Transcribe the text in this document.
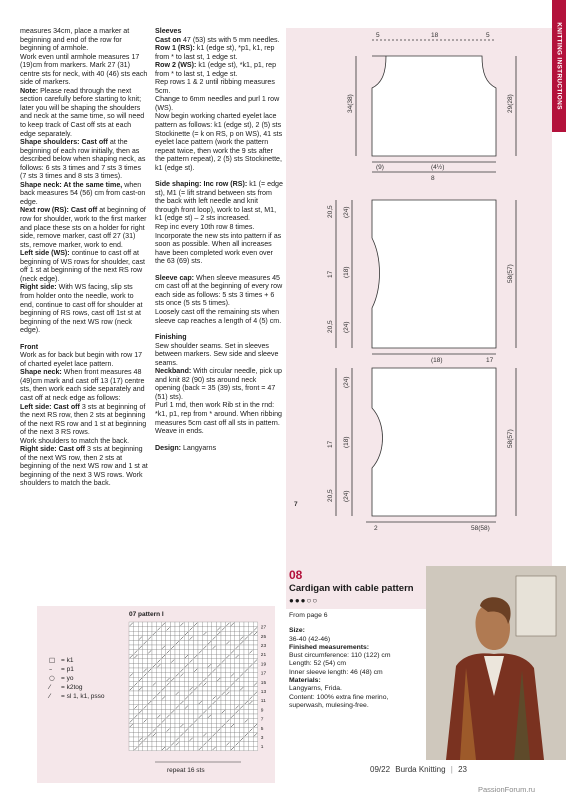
KNITTING INSTRUCTIONS

measures 34cm, place a marker at beginning and end of the row for beginning of armhole.

Work even until armhole measures 17 (19)cm from markers. Mark 27 (31) centre sts for neck, with 40 (46) sts each side of markers.

Note: Please read through the next section carefully before starting to knit; later you will be shaping the shoulders and neck at the same time, so will need to keep track of Cast off sts at each edge separately.

Shape shoulders: Cast off at the beginning of each row initially, then as described below when shaping neck, as follows: 6 sts 3 times and 7 sts 3 times (7 sts 3 times and 8 sts 3 times).

Shape neck: At the same time, when back measures 54 (56) cm from cast-on edge.

Next row (RS): Cast off at beginning of row for shoulder, work to the first marker and place these sts on a holder for right side, remove marker, cast off 27 (31) sts, remove marker, work to end.

Left side (WS): continue to cast off at beginning of WS rows for shoulder, cast off 1 st at beginning of the next RS row (neck edge).

Right side: With WS facing, slip sts from holder onto the needle, work to end, continue to cast off for shoulder at beginning of RS rows, cast off 1st st at beginning of the next WS row (neck edge).

Front

Work as for back but begin with row 17 of charted eyelet lace pattern.

Shape neck: When front measures 48 (49)cm mark and cast off 13 (17) centre sts, then work each side separately and cast off at neck edge as follows:

Left side: Cast off 3 sts at beginning of the next RS row, then 2 sts at beginning of the next RS row and 1 st at beginning of the next 3 RS rows.

Work shoulders to match the back.

Right side: Cast off 3 sts at beginning of the next WS row, then 2 sts at beginning of the next WS row and 1 st at beginning of the next 3 WS rows. Work shoulders to match the back.

Sleeves

Cast on 47 (53) sts with 5 mm needles.

Row 1 (RS): k1 (edge st), *p1, k1, rep from * to last st, 1 edge st.

Row 2 (WS): k1 (edge st), *k1, p1, rep from * to last st, 1 edge st.

Rep rows 1 & 2 until ribbing measures 5cm.

Change to 6mm needles and purl 1 row (WS).

Now begin working charted eyelet lace pattern as follows: k1 (edge st), 2 (5) sts Stockinette (= k on RS, p on WS), 41 sts eyelet lace pattern (work the pattern repeat twice, then work the 9 sts after the pattern repeat), 2 (5) sts Stockinette, k1 (edge st).

Side shaping: Inc row (RS): k1 (= edge st), M1 (= lift strand between sts from the back with left needle and knit through front loop), work to last st, M1, k1 (edge st) – 2 sts increased.

Rep inc every 10th row 8 times. Incorporate the new sts into pattern if as soon as possible. When all increases have been completed work even over the 63 (69) sts.

Sleeve cap: When sleeve measures 45 cm cast off at the beginning of every row each side as follows: 5 sts 3 times + 6 sts once (5 sts 5 times).

Loosely cast off the remaining sts when sleeve cap reaches a length of 4 (5) cm.

Finishing

Sew shoulder seams. Set in sleeves between markers. Sew side and sleeve seams.

Neckband: With circular needle, pick up and knit 82 (90) sts around neck opening (back = 35 (39) sts, front = 47 (51) sts).

Purl 1 rnd, then work Rib st in the rnd: *k1, p1, rep from * around. When ribbing measures 5cm cast off all sts in pattern.

Weave in ends.

Design: Langyarns

5	18	5
34(38)	29(28)
(9)	(4½)
8
20,5 (24)
17 (18)
20,5 (24)
58(57)
(18)	17
(24)
17 (18)
20,5 (24)
58(57)
2	58(58)
7
07 pattern I
27
25
23
21
19
17
15
13
11
9
7
5
3
1
repeat 16 sts
□ = k1
– = p1
○ = yo
⁄ = k2tog
⁄ = sl 1, k1, psso
08
Cardigan with cable pattern
●●●○○
From page 6
Size:
36-40 (42-46)
Finished measurements:
Bust circumference: 110 (122) cm
Length: 52 (54) cm
Inner sleeve length: 46 (48) cm
Materials:
Langyarns, Frida.
Content: 100% extra fine merino, superwash, mulesing-free.
09/22 Burda Knitting | 23
PassionForum.ru
